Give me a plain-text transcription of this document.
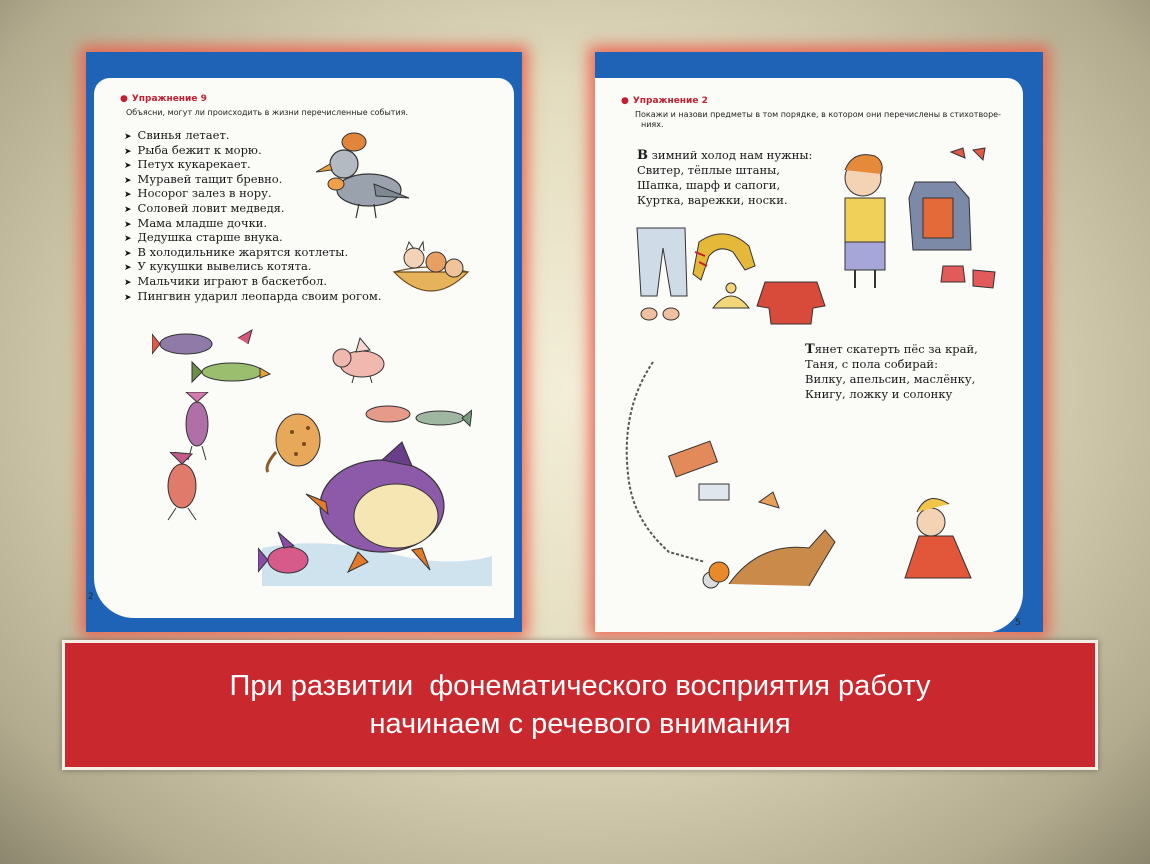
● Упражнение 9
Объясни, могут ли происходить в жизни перечисленные события.
➤ Свинья летает.
➤ Рыба бежит к морю.
➤ Петух кукарекает.
➤ Муравей тащит бревно.
➤ Носорог залез в нору.
➤ Соловей ловит медведя.
➤ Мама младше дочки.
➤ Дедушка старше внука.
➤ В холодильнике жарятся котлеты.
➤ У кукушки вывелись котята.
➤ Мальчики играют в баскетбол.
➤ Пингвин ударил леопарда своим рогом.
2
● Упражнение 2
Покажи и назови предметы в том порядке, в котором они перечислены в стихотворе-
ниях.
В зимний холод нам нужны:
Свитер, тёплые штаны,
Шапка, шарф и сапоги,
Куртка, варежки, носки.
Тянет скатерть пёс за край,
Таня, с пола собирай:
Вилку, апельсин, маслёнку,
Книгу, ложку и солонку
5
При развитии  фонематического восприятия работу
начинаем с речевого внимания
